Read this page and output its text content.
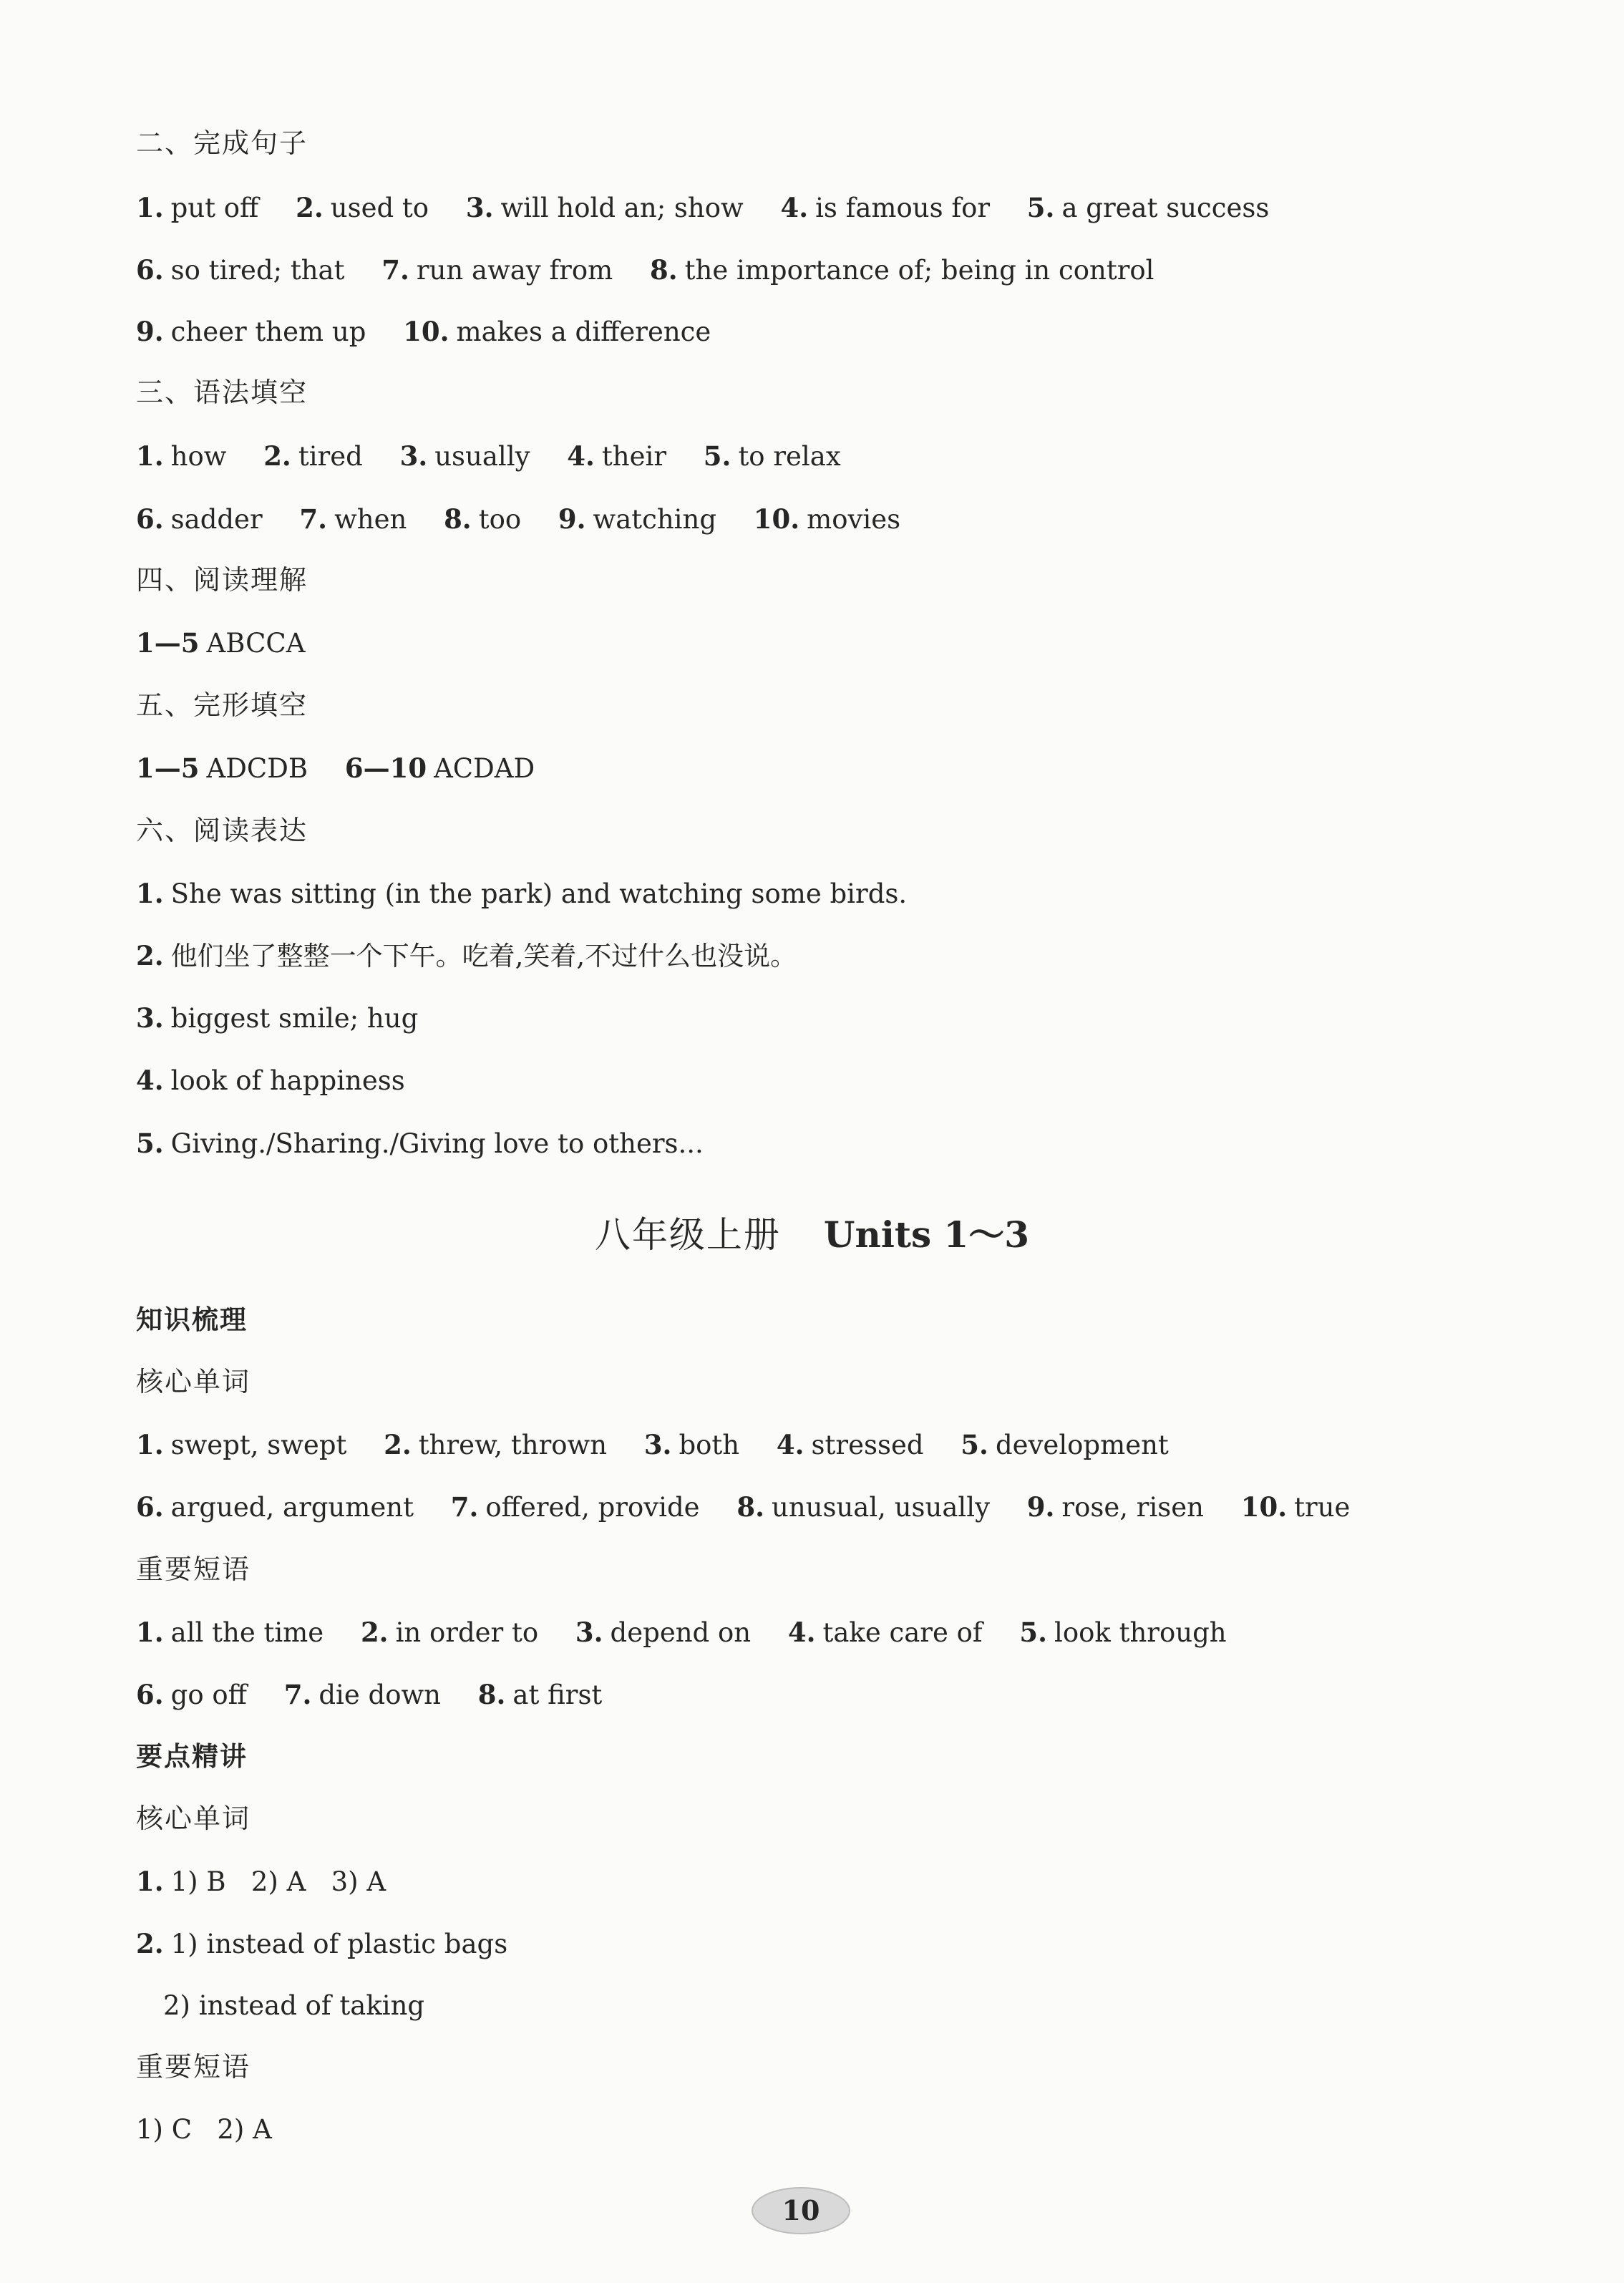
二、完成句子
1. put off 2. used to 3. will hold an; show 4. is famous for 5. a great success
6. so tired; that 7. run away from 8. the importance of; being in control
9. cheer them up 10. makes a difference
三、语法填空
1. how 2. tired 3. usually 4. their 5. to relax
6. sadder 7. when 8. too 9. watching 10. movies
四、阅读理解
1—5 ABCCA
五、完形填空
1—5 ADCDB 6—10 ACDAD
六、阅读表达
1. She was sitting (in the park) and watching some birds.
2. 他们坐了整整一个下午。吃着,笑着,不过什么也没说。
3. biggest smile; hug
4. look of happiness
5. Giving./Sharing./Giving love to others...
八年级上册 Units 1～3
知识梳理
核心单词
1. swept, swept 2. threw, thrown 3. both 4. stressed 5. development
6. argued, argument 7. offered, provide 8. unusual, usually 9. rose, risen 10. true
重要短语
1. all the time 2. in order to 3. depend on 4. take care of 5. look through
6. go off 7. die down 8. at first
要点精讲
核心单词
1. 1) B   2) A   3) A
2. 1) instead of plastic bags
2) instead of taking
重要短语
1) C   2) A
10
